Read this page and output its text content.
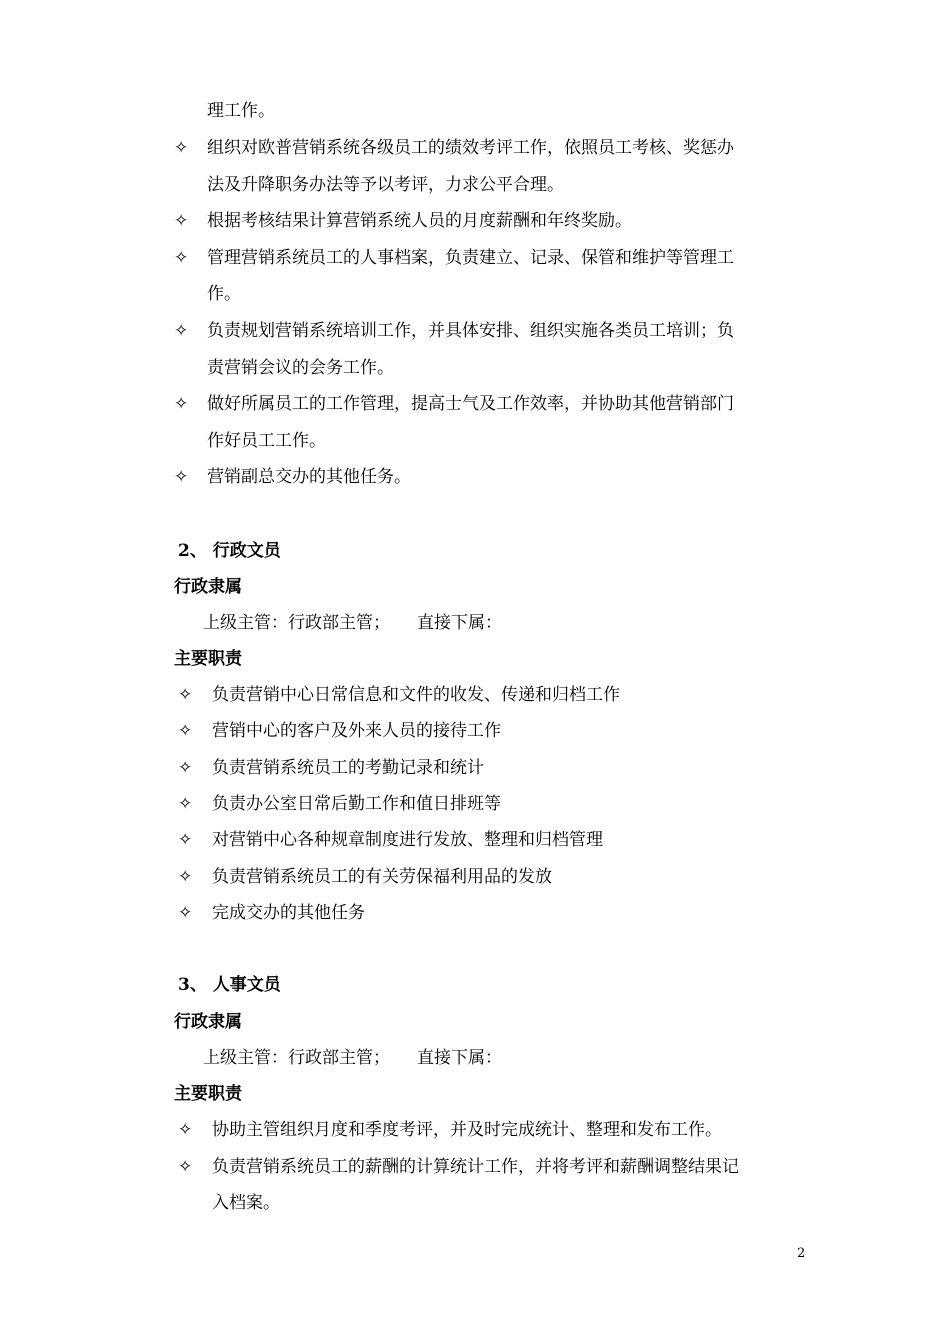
理工作。
✧ 组织对欧普营销系统各级员工的绩效考评工作，依照员工考核、奖惩办
法及升降职务办法等予以考评，力求公平合理。
✧ 根据考核结果计算营销系统人员的月度薪酬和年终奖励。
✧ 管理营销系统员工的人事档案，负责建立、记录、保管和维护等管理工
作。
✧ 负责规划营销系统培训工作，并具体安排、组织实施各类员工培训；负
责营销会议的会务工作。
✧ 做好所属员工的工作管理，提高士气及工作效率，并协助其他营销部门
作好员工工作。
✧ 营销副总交办的其他任务。
2、 行政文员
行政隶属
上级主管：行政部主管；     直接下属：
主要职责
✧ 负责营销中心日常信息和文件的收发、传递和归档工作
✧ 营销中心的客户及外来人员的接待工作
✧ 负责营销系统员工的考勤记录和统计
✧ 负责办公室日常后勤工作和值日排班等
✧ 对营销中心各种规章制度进行发放、整理和归档管理
✧ 负责营销系统员工的有关劳保福利用品的发放
✧ 完成交办的其他任务
3、 人事文员
行政隶属
上级主管：行政部主管；     直接下属：
主要职责
✧ 协助主管组织月度和季度考评，并及时完成统计、整理和发布工作。
✧ 负责营销系统员工的薪酬的计算统计工作，并将考评和薪酬调整结果记
入档案。
2
